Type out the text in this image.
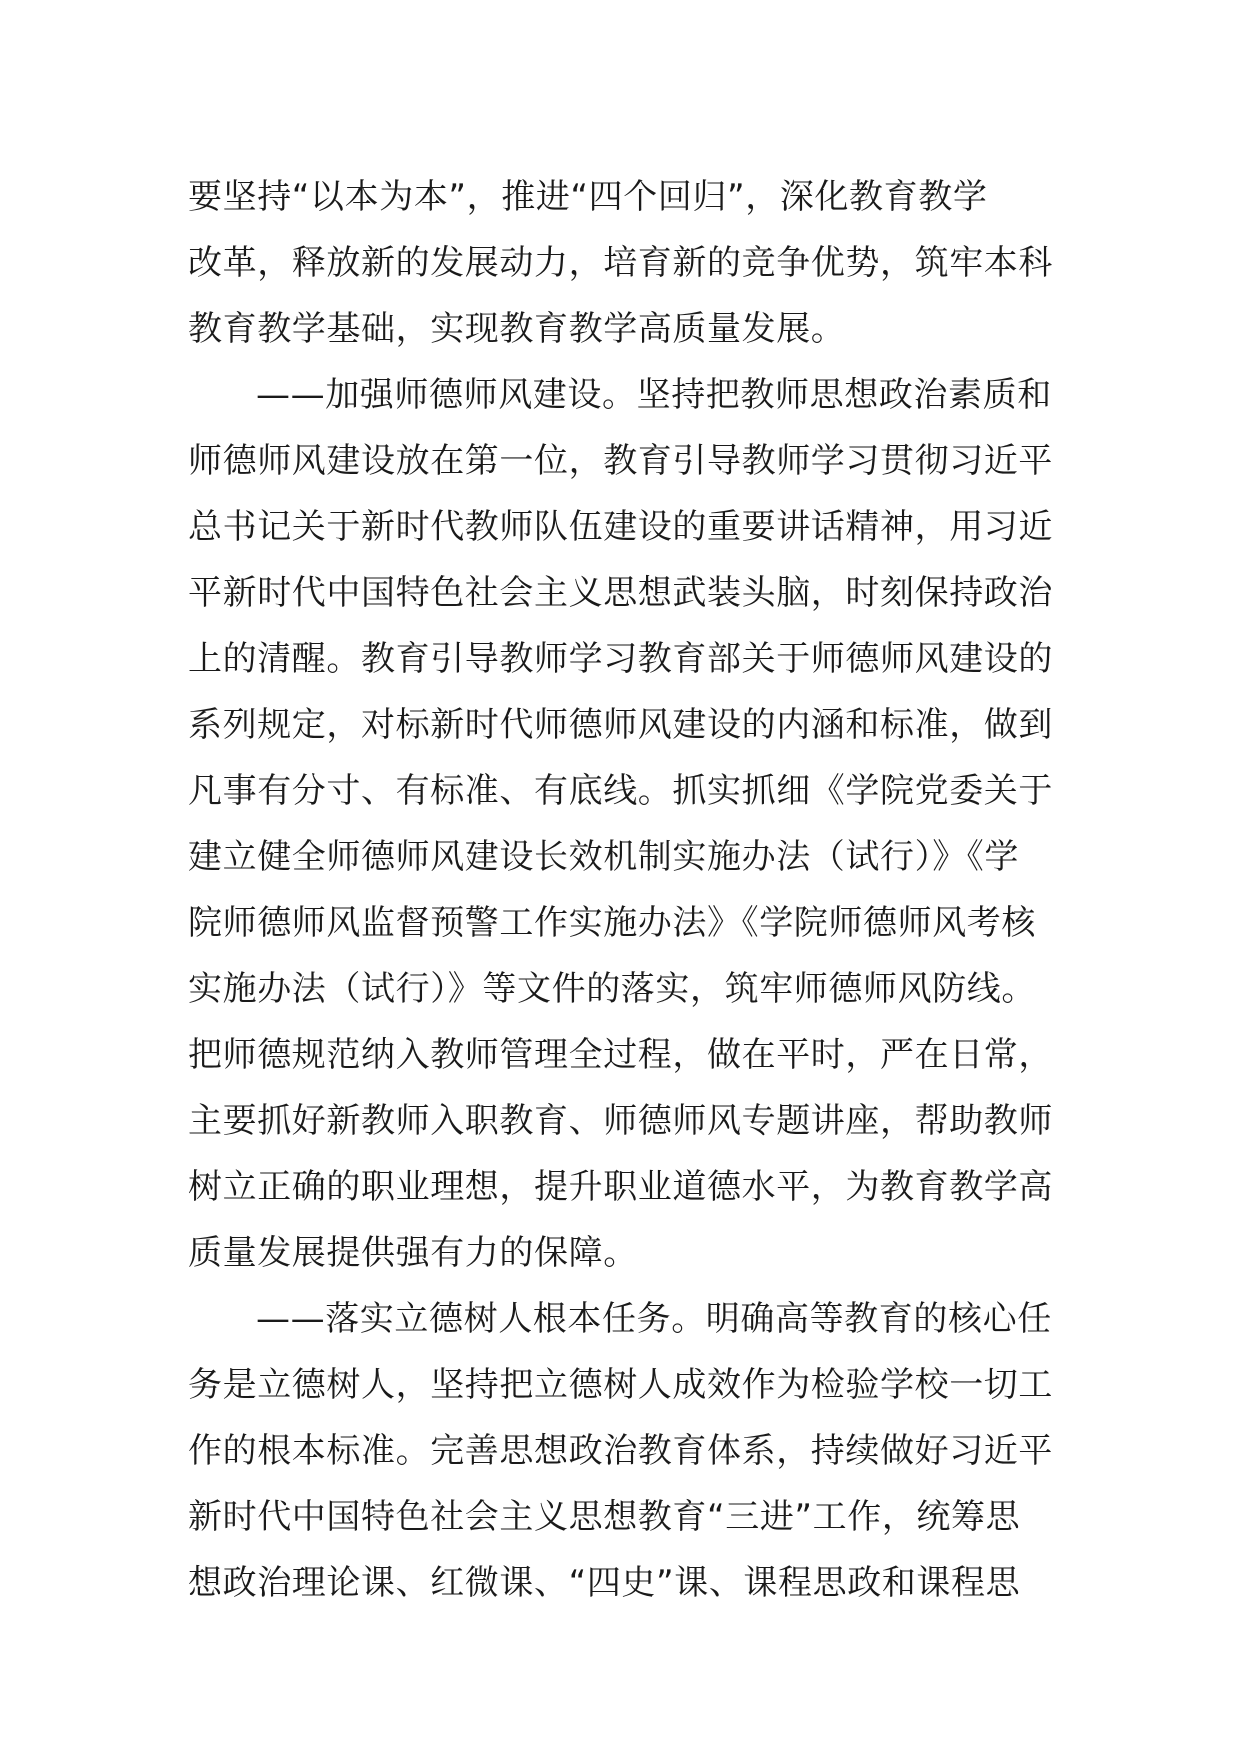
要坚持“以本为本”，推进“四个回归”，深化教育教学
改革，释放新的发展动力，培育新的竞争优势，筑牢本科
教育教学基础，实现教育教学高质量发展。
——加强师德师风建设。坚持把教师思想政治素质和
师德师风建设放在第一位，教育引导教师学习贯彻习近平
总书记关于新时代教师队伍建设的重要讲话精神，用习近
平新时代中国特色社会主义思想武装头脑，时刻保持政治
上的清醒。教育引导教师学习教育部关于师德师风建设的
系列规定，对标新时代师德师风建设的内涵和标准，做到
凡事有分寸、有标准、有底线。抓实抓细《学院党委关于
建立健全师德师风建设长效机制实施办法（试行）》《学
院师德师风监督预警工作实施办法》《学院师德师风考核
实施办法（试行）》等文件的落实，筑牢师德师风防线。
把师德规范纳入教师管理全过程，做在平时，严在日常，
主要抓好新教师入职教育、师德师风专题讲座，帮助教师
树立正确的职业理想，提升职业道德水平，为教育教学高
质量发展提供强有力的保障。
——落实立德树人根本任务。明确高等教育的核心任
务是立德树人，坚持把立德树人成效作为检验学校一切工
作的根本标准。完善思想政治教育体系，持续做好习近平
新时代中国特色社会主义思想教育“三进”工作，统筹思
想政治理论课、红微课、“四史”课、课程思政和课程思
